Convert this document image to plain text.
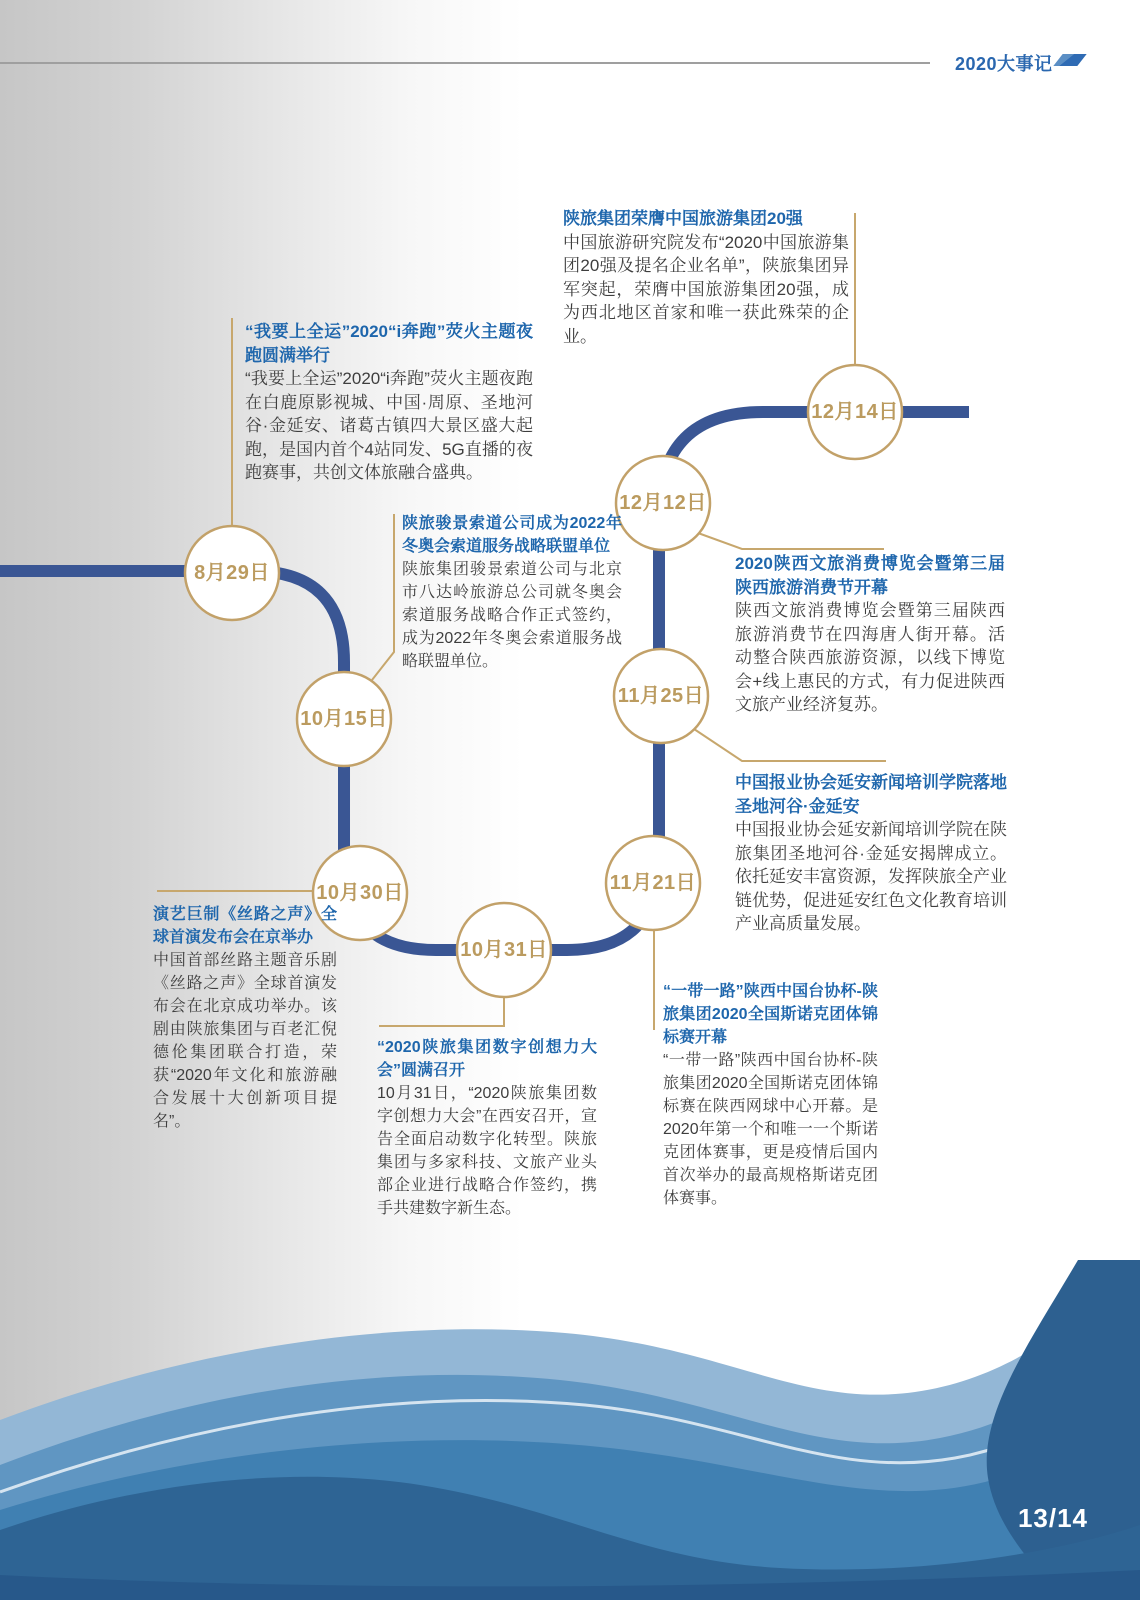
2020大事记
8月29日
10月15日
10月30日
10月31日
11月21日
11月25日
12月12日
12月14日
“我要上全运”2020“i奔跑”荧火主题夜跑圆满举行

“我要上全运”2020“i奔跑”荧火主题夜跑在白鹿原影视城、中国·周原、圣地河谷·金延安、诸葛古镇四大景区盛大起跑，是国内首个4站同发、5G直播的夜跑赛事，共创文体旅融合盛典。

陕旅骏景索道公司成为2022年冬奥会索道服务战略联盟单位

陕旅集团骏景索道公司与北京市八达岭旅游总公司就冬奥会索道服务战略合作正式签约，成为2022年冬奥会索道服务战略联盟单位。

演艺巨制《丝路之声》全球首演发布会在京举办

中国首部丝路主题音乐剧《丝路之声》全球首演发布会在北京成功举办。该剧由陕旅集团与百老汇倪德伦集团联合打造，荣获“2020年文化和旅游融合发展十大创新项目提名”。

“2020陕旅集团数字创想力大会”圆满召开

10月31日，“2020陕旅集团数字创想力大会”在西安召开，宣告全面启动数字化转型。陕旅集团与多家科技、文旅产业头部企业进行战略合作签约，携手共建数字新生态。

“一带一路”陕西中国台协杯-陕旅集团2020全国斯诺克团体锦标赛开幕

“一带一路”陕西中国台协杯-陕旅集团2020全国斯诺克团体锦标赛在陕西网球中心开幕。是2020年第一个和唯一一个斯诺克团体赛事，更是疫情后国内首次举办的最高规格斯诺克团体赛事。

中国报业协会延安新闻培训学院落地圣地河谷·金延安

中国报业协会延安新闻培训学院在陕旅集团圣地河谷·金延安揭牌成立。依托延安丰富资源，发挥陕旅全产业链优势，促进延安红色文化教育培训产业高质量发展。

2020陕西文旅消费博览会暨第三届陕西旅游消费节开幕

陕西文旅消费博览会暨第三届陕西旅游消费节在四海唐人街开幕。活动整合陕西旅游资源，以线下博览会+线上惠民的方式，有力促进陕西文旅产业经济复苏。

陕旅集团荣膺中国旅游集团20强

中国旅游研究院发布“2020中国旅游集团20强及提名企业名单”，陕旅集团异军突起，荣膺中国旅游集团20强，成为西北地区首家和唯一获此殊荣的企业。

13/14
